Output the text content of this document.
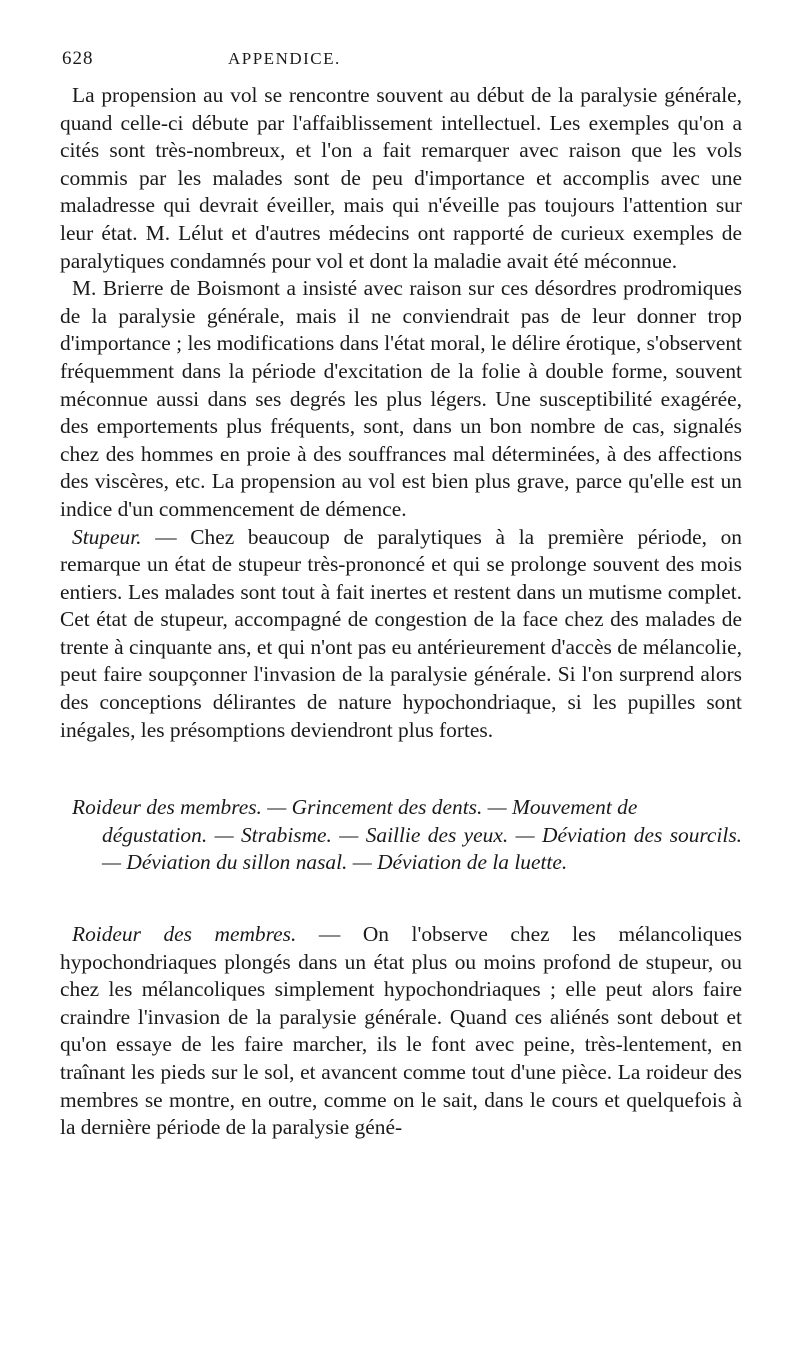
628	APPENDICE.

La propension au vol se rencontre souvent au début de la paralysie générale, quand celle-ci débute par l'affaiblissement intellectuel. Les exemples qu'on a cités sont très-nombreux, et l'on a fait remarquer avec raison que les vols commis par les malades sont de peu d'importance et accomplis avec une maladresse qui devrait éveiller, mais qui n'éveille pas toujours l'attention sur leur état. M. Lélut et d'autres médecins ont rapporté de curieux exemples de paralytiques condamnés pour vol et dont la maladie avait été méconnue.

M. Brierre de Boismont a insisté avec raison sur ces désordres prodromiques de la paralysie générale, mais il ne conviendrait pas de leur donner trop d'importance ; les modifications dans l'état moral, le délire érotique, s'observent fréquemment dans la période d'excitation de la folie à double forme, souvent méconnue aussi dans ses degrés les plus légers. Une susceptibilité exagérée, des emportements plus fréquents, sont, dans un bon nombre de cas, signalés chez des hommes en proie à des souffrances mal déterminées, à des affections des viscères, etc. La propension au vol est bien plus grave, parce qu'elle est un indice d'un commencement de démence.

Stupeur. — Chez beaucoup de paralytiques à la première période, on remarque un état de stupeur très-prononcé et qui se prolonge souvent des mois entiers. Les malades sont tout à fait inertes et restent dans un mutisme complet. Cet état de stupeur, accompagné de congestion de la face chez des malades de trente à cinquante ans, et qui n'ont pas eu antérieurement d'accès de mélancolie, peut faire soupçonner l'invasion de la paralysie générale. Si l'on surprend alors des conceptions délirantes de nature hypochondriaque, si les pupilles sont inégales, les présomptions deviendront plus fortes.

Roideur des membres. — Grincement des dents. — Mouvement de
dégustation. — Strabisme. — Saillie des yeux. — Déviation des sourcils. — Déviation du sillon nasal. — Déviation de la luette.

Roideur des membres. — On l'observe chez les mélancoliques hypochondriaques plongés dans un état plus ou moins profond de stupeur, ou chez les mélancoliques simplement hypochondriaques ; elle peut alors faire craindre l'invasion de la paralysie générale. Quand ces aliénés sont debout et qu'on essaye de les faire marcher, ils le font avec peine, très-lentement, en traînant les pieds sur le sol, et avancent comme tout d'une pièce. La roideur des membres se montre, en outre, comme on le sait, dans le cours et quelquefois à la dernière période de la paralysie géné-
